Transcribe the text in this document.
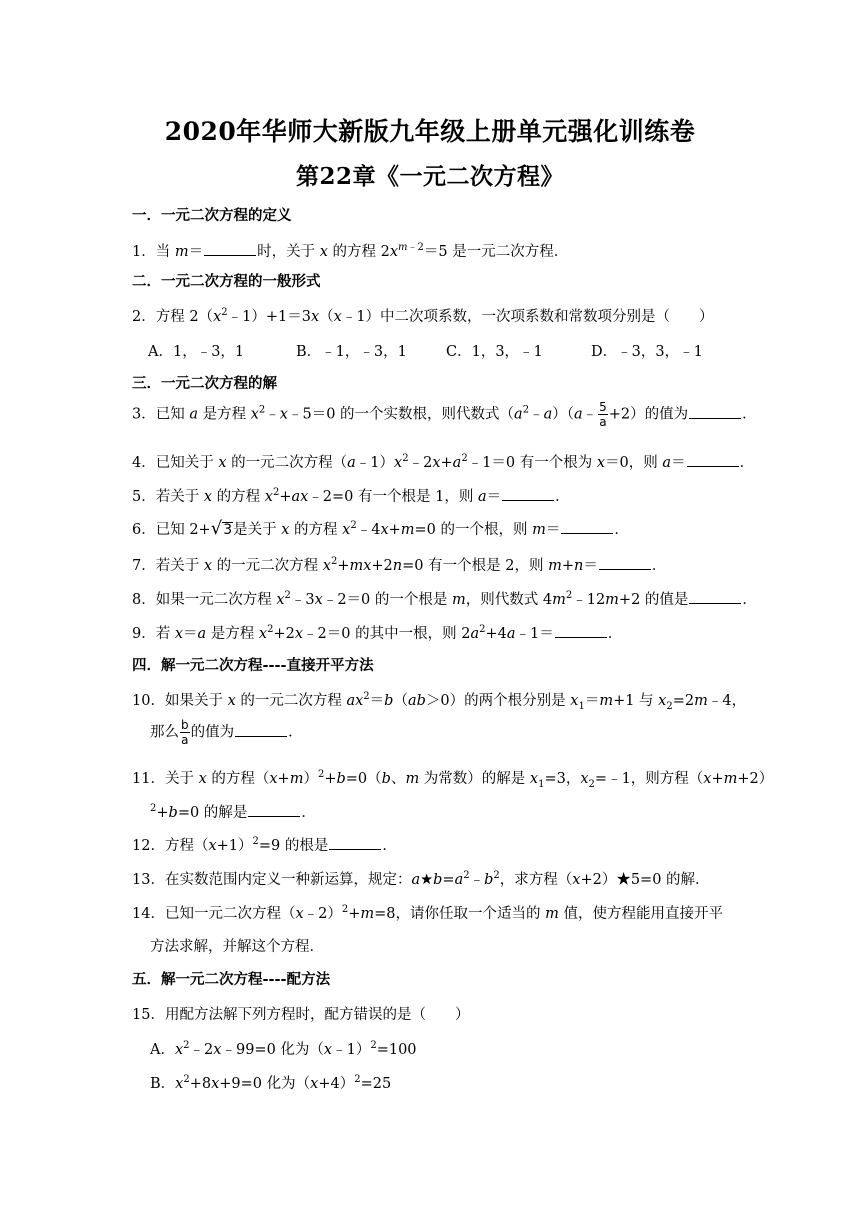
2020年华师大新版九年级上册单元强化训练卷
第22章《一元二次方程》
一．一元二次方程的定义
1．当 m＝	时，关于 x 的方程 $2x^{m﹣2}=5$ 是一元二次方程．
二．一元二次方程的一般形式
2．方程 $2(x^2﹣1)+1=3x(x﹣1)$中二次项系数，一次项系数和常数项分别是（　　）
A．1，﹣3，1	B．﹣1，﹣3，1	C．1，3，﹣1	D．﹣3，3，﹣1
三．一元二次方程的解
3．已知 a 是方程 $x^2﹣x﹣5=0$ 的一个实数根，则代数式$(a^2﹣a)(a﹣ \frac{5}{a} +2)$的值为	．
4．已知关于 x 的一元二次方程$(a﹣1)x^2﹣2x+a^2﹣1=0$ 有一个根为 x＝0，则 a＝	．
5．若关于 x 的方程 $x^2+ax﹣2=0$ 有一个根是 1，则 a＝	．
6．已知 2+√3是关于 x 的方程 $x^2﹣4x+m=0$ 的一个根，则 m＝	．
7．若关于 x 的一元二次方程 $x^2+mx+2n=0$ 有一个根是 2，则 m+n＝	．
8．如果一元二次方程 $x^2﹣3x﹣2=0$ 的一个根是 m，则代数式 $4m^2﹣12m+2$ 的值是	．
9．若 x＝a 是方程 $x^2+2x﹣2=0$ 的其中一根，则 $2a^2+4a﹣1=$	．
四．解一元二次方程----直接开平方法
10．如果关于 x 的一元二次方程 $ax^2=b(ab>0)$的两个根分别是 $x_1=m+1$ 与 $x_2=2m﹣4$，
那么 $\frac{b}{a}$ 的值为	．
11．关于 x 的方程$(x+m)^2+b=0(b$、m 为常数）的解是 $x_1=3$，$x_2=﹣1$，则方程（x+m+2）
$^2$+b=0 的解是	．
12．方程$(x+1)^2=9$ 的根是	．
13．在实数范围内定义一种新运算，规定：$a★b=a^2﹣b^2$，求方程（x+2）★5=0 的解．
14．已知一元二次方程（x﹣2）$^2$+m=8，请你任取一个适当的 m 值，使方程能用直接开平
方法求解，并解这个方程．
五．解一元二次方程----配方法
15．用配方法解下列方程时，配方错误的是（　　）
A．$x^2﹣2x﹣99=0$ 化为（x﹣1）$^2$=100
B．$x^2+8x+9=0$ 化为$(x+4)^2=25$
